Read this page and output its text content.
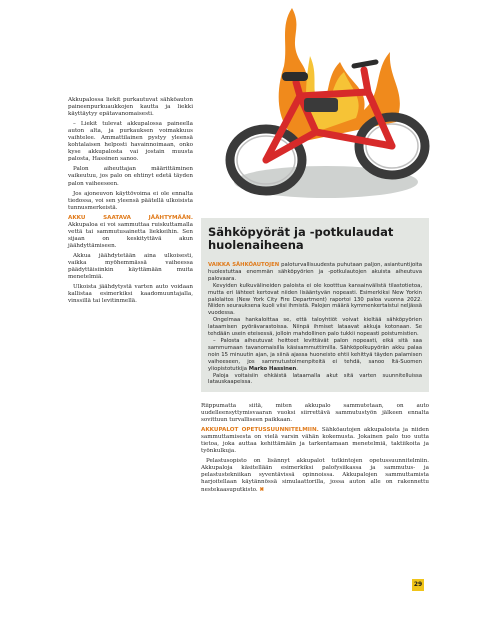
Akkupalossa liekit purkautuvat sähköauton paineenpurkuaukkojen kautta ja liekki käyttäytyy epätavanomaisesti.

– Liekit tulevat akkupalossa paineella auton alta, ja purkauksen voimakkuus vaihtelee. Ammattilainen pystyy yleensä kohtalaisen helposti havainnoimaan, onko kyse akkupalosta vai jostain muusta palosta, Hassinen sanoo.

Palon aiheuttajan määrittäminen vaikeutuu, jos palo on ehtinyt edetä täyden palon vaiheeseen.

Jos ajoneuvon käyttövoima ei ole ennalta tiedossa, voi sen yleensä päätellä ulkoisista tunnusmerkeistä.

AKKU SAATAVA JÄÄHTYMÄÄN. Akkupaloa ei voi sammuttaa ruiskuttamalla vettä tai sammutusainetta liekkeihin. Sen sijaan on keskityttävä akun jäähdyttämiseen.

Akkua jäähdytetään aina ulkoisesti, vaikka myöhemmässä vaiheessa päädyttäisiinkin käyttämään muita menetelmiä.

Ulkoista jäähdytystä varten auto voidaan kallistaa esimerkiksi kaadomuuntajalla, vinssillä tai levitinmellä.

Sähköpyörät ja -potkulaudat huolenaiheena

VAIKKA SÄHKÖAUTOJEN paloturvallisuudesta puhutaan paljon, asiantuntijoita huolestuttaa enemmän sähköpyörien ja -potkulautojen akuista aiheutuva palovaara.

Kevyiden kulkuvälineiden paloista ei ole kootttua kansainvälistä tilastotietoa, mutta eri lähteet kertovat niiden lisääntyvän nopeasti. Esimerkiksi New Yorkin palolaitos (New York City Fire Department) raportoi 130 paloa vuonna 2022. Niiden seurauksena kuoli viisi ihmistä. Palojen määrä kymmenkertaistui neljässä vuodessa.

Ongelmaa hankaloittaa se, että taloyhtiöt voivat kieltää sähköpyörien lataamisen pyörävarastoissa. Niinpä ihmiset lataavat akkuja kotonaan. Se tehdään usein eteisessä, jolloin mahdollinen palo tukkii nopeasti poistumistien.

– Palosta aiheutuvat heitteet levittävät palon nopeasti, eikä sitä saa sammumaan tavanomaisilla käsisammuttimilla. Sähköpolkupyörän akku palaa noin 15 minuutin ajan, ja siinä ajassa huoneisto ehtii kehittyä täyden palamisen vaiheeseen, jos sammutustoimenpiteitä ei tehdä, sanoo Itä-Suomen yliopistotutkija Marko Hassinen.

Paloja voitaisiin ehkäistä lataamalla akut sitä varten suunnitelluissa latauskaapeissa.

Riippumatta siitä, miten akkupalo sammutetaan, on auto uudelleensyttymisvaaran vuoksi siirrettävä sammutustyön jälkeen ennalta sovittuun turvalliseen paikkaan.

AKKUPALOT OPETUSSUUNNITELMIIN. Sähköautojen akkupaloista ja niiden sammuttamisesta on vielä varsin vähän kokemusta. Jokainen palo tuo uutta tietoa, joka auttaa kehittämään ja tarkentamaan menetelmiä, taktiikoita ja työnkulkuja.

Pelastusopisto on lisännyt akkupalot tutkintojen opetussuunnitelmiin. Akkupaloja käsitellään esimerkiksi palofysiikassa ja sammutus- ja pelastustekniikan syventävissä opinnoissa. Akkupalojen sammuttamista harjoitellaan käytännössä simulaattorilla, jossa auton alle on rakennettu nestekaasuputkisto. ✖

29
